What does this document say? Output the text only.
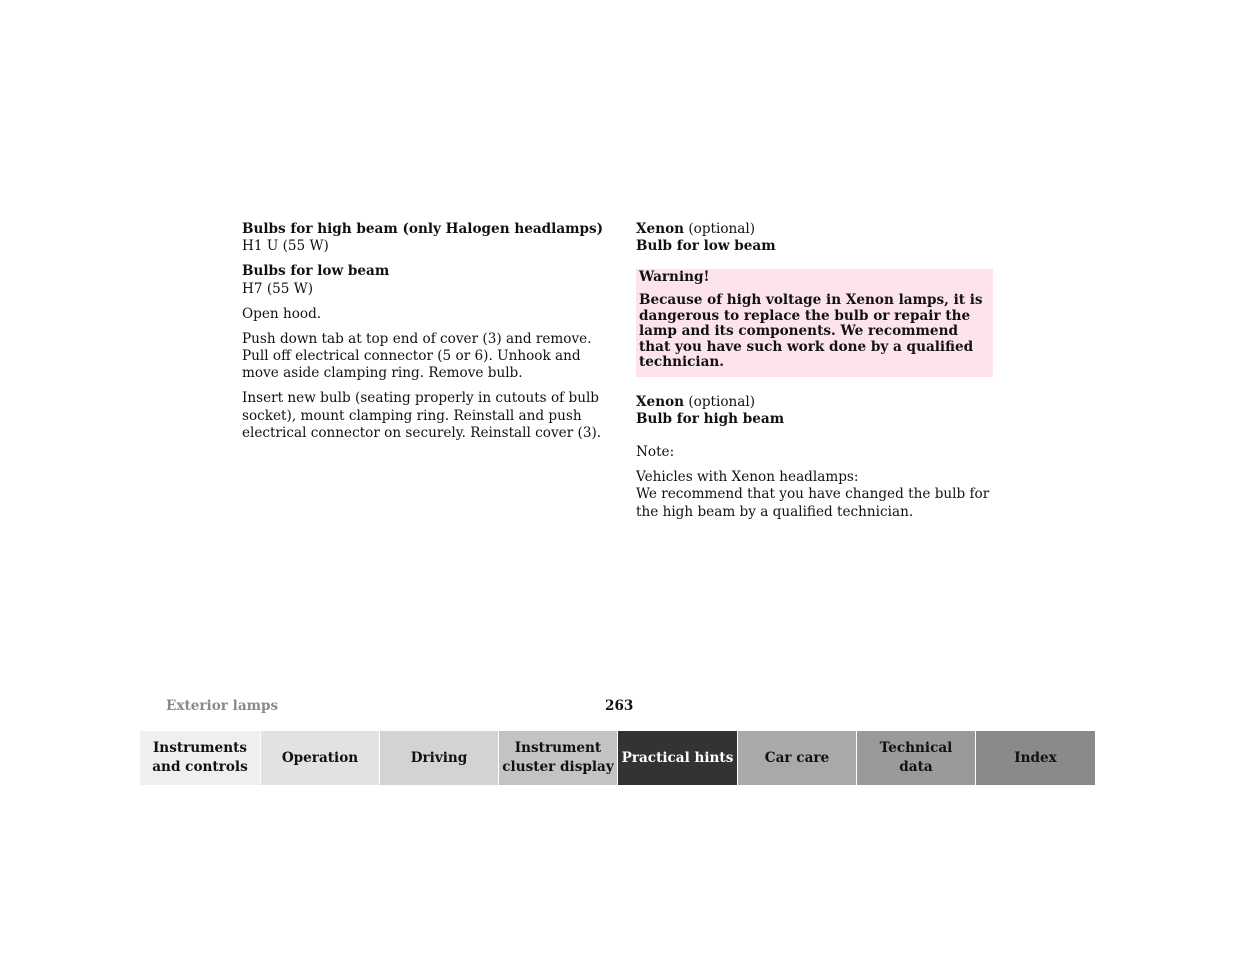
Bulbs for high beam (only Halogen headlamps)
H1 U (55 W)
Bulbs for low beam
H7 (55 W)
Open hood.
Push down tab at top end of cover (3) and remove. Pull off electrical connector (5 or 6). Unhook and move aside clamping ring. Remove bulb.
Insert new bulb (seating properly in cutouts of bulb socket), mount clamping ring. Reinstall and push electrical connector on securely. Reinstall cover (3).
Xenon (optional)
Bulb for low beam
Warning!
Because of high voltage in Xenon lamps, it is dangerous to replace the bulb or repair the lamp and its components. We recommend that you have such work done by a qualified technician.
Xenon (optional)
Bulb for high beam
Note:
Vehicles with Xenon headlamps:
We recommend that you have changed the bulb for the high beam by a qualified technician.
Exterior lamps	263
Instruments
and controls
Operation	Driving
Instrument
cluster display
Practical hints Car care
Technical
data
Index
